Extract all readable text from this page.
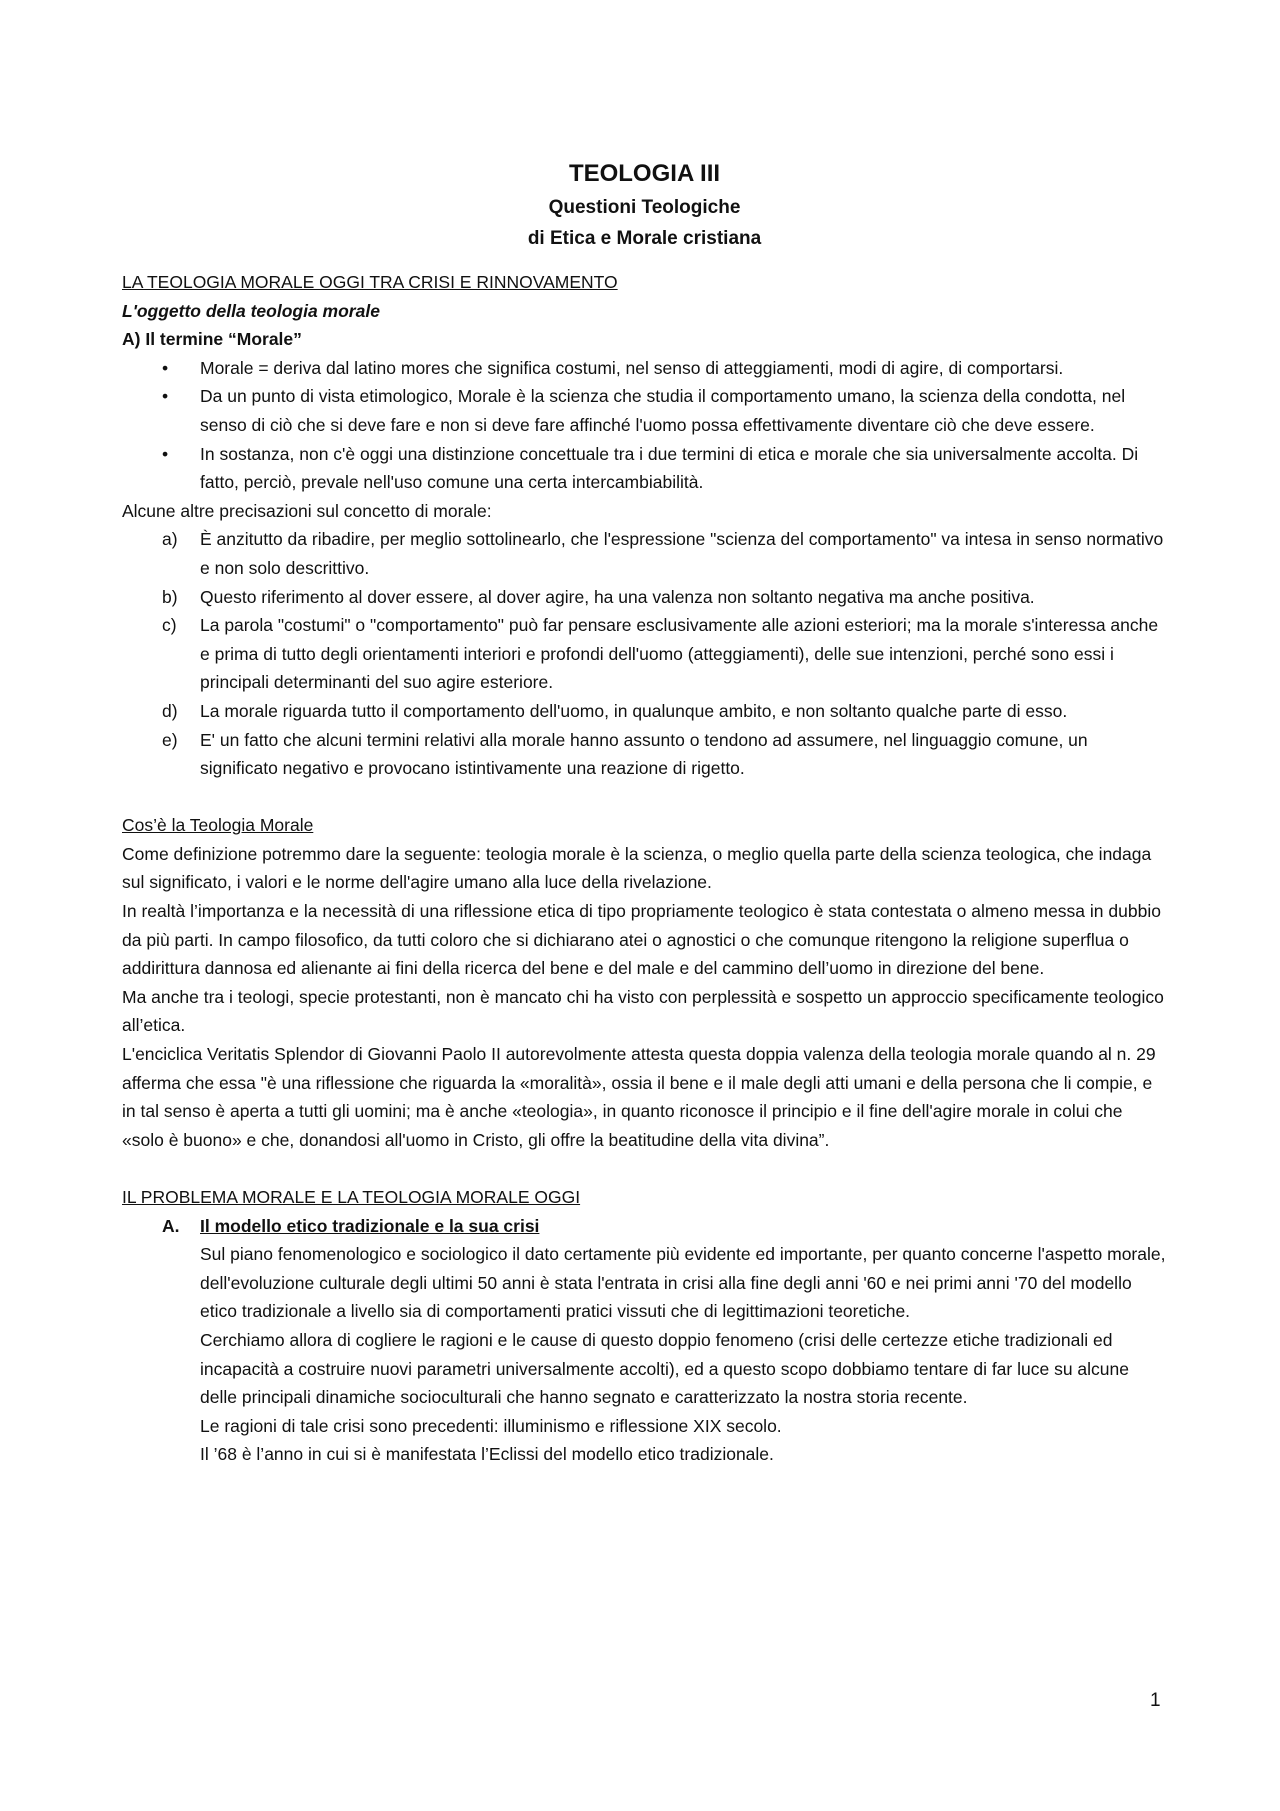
TEOLOGIA III
Questioni Teologiche
di Etica e Morale cristiana

LA TEOLOGIA MORALE OGGI TRA CRISI E RINNOVAMENTO

L'oggetto della teologia morale

A) Il termine “Morale”

• Morale = deriva dal latino mores che significa costumi, nel senso di atteggiamenti, modi di agire, di comportarsi.
• Da un punto di vista etimologico, Morale è la scienza che studia il comportamento umano, la scienza della condotta, nel senso di ciò che si deve fare e non si deve fare affinché l'uomo possa effettivamente diventare ciò che deve essere.
• In sostanza, non c'è oggi una distinzione concettuale tra i due termini di etica e morale che sia universalmente accolta. Di fatto, perciò, prevale nell'uso comune una certa intercambiabilità.

Alcune altre precisazioni sul concetto di morale:

a) È anzitutto da ribadire, per meglio sottolinearlo, che l'espressione "scienza del comportamento" va intesa in senso normativo e non solo descrittivo.
b) Questo riferimento al dover essere, al dover agire, ha una valenza non soltanto negativa ma anche positiva.
c) La parola "costumi" o "comportamento" può far pensare esclusivamente alle azioni esteriori; ma la morale s'interessa anche e prima di tutto degli orientamenti interiori e profondi dell'uomo (atteggiamenti), delle sue intenzioni, perché sono essi i principali determinanti del suo agire esteriore.
d) La morale riguarda tutto il comportamento dell'uomo, in qualunque ambito, e non soltanto qualche parte di esso.
e) E' un fatto che alcuni termini relativi alla morale hanno assunto o tendono ad assumere, nel linguaggio comune, un significato negativo e provocano istintivamente una reazione di rigetto.

Cos’è la Teologia Morale

Come definizione potremmo dare la seguente: teologia morale è la scienza, o meglio quella parte della scienza teologica, che indaga sul significato, i valori e le norme dell'agire umano alla luce della rivelazione.

In realtà l’importanza e la necessità di una riflessione etica di tipo propriamente teologico è stata contestata o almeno messa in dubbio da più parti. In campo filosofico, da tutti coloro che si dichiarano atei o agnostici o che comunque ritengono la religione superflua o addirittura dannosa ed alienante ai fini della ricerca del bene e del male e del cammino dell’uomo in direzione del bene.

Ma anche tra i teologi, specie protestanti, non è mancato chi ha visto con perplessità e sospetto un approccio specificamente teologico all’etica.

L'enciclica Veritatis Splendor di Giovanni Paolo II autorevolmente attesta questa doppia valenza della teologia morale quando al n. 29 afferma che essa "è una riflessione che riguarda la «moralità», ossia il bene e il male degli atti umani e della persona che li compie, e in tal senso è aperta a tutti gli uomini; ma è anche «teologia», in quanto riconosce il principio e il fine dell'agire morale in colui che «solo è buono» e che, donandosi all'uomo in Cristo, gli offre la beatitudine della vita divina”.

IL PROBLEMA MORALE E LA TEOLOGIA MORALE OGGI

A. Il modello etico tradizionale e la sua crisi

Sul piano fenomenologico e sociologico il dato certamente più evidente ed importante, per quanto concerne l'aspetto morale, dell'evoluzione culturale degli ultimi 50 anni è stata l'entrata in crisi alla fine degli anni '60 e nei primi anni '70 del modello etico tradizionale a livello sia di comportamenti pratici vissuti che di legittimazioni teoretiche.

Cerchiamo allora di cogliere le ragioni e le cause di questo doppio fenomeno (crisi delle certezze etiche tradizionali ed incapacità a costruire nuovi parametri universalmente accolti), ed a questo scopo dobbiamo tentare di far luce su alcune delle principali dinamiche socioculturali che hanno segnato e caratterizzato la nostra storia recente.

Le ragioni di tale crisi sono precedenti: illuminismo e riflessione XIX secolo.

Il ’68 è l’anno in cui si è manifestata l’Eclissi del modello etico tradizionale.

1
